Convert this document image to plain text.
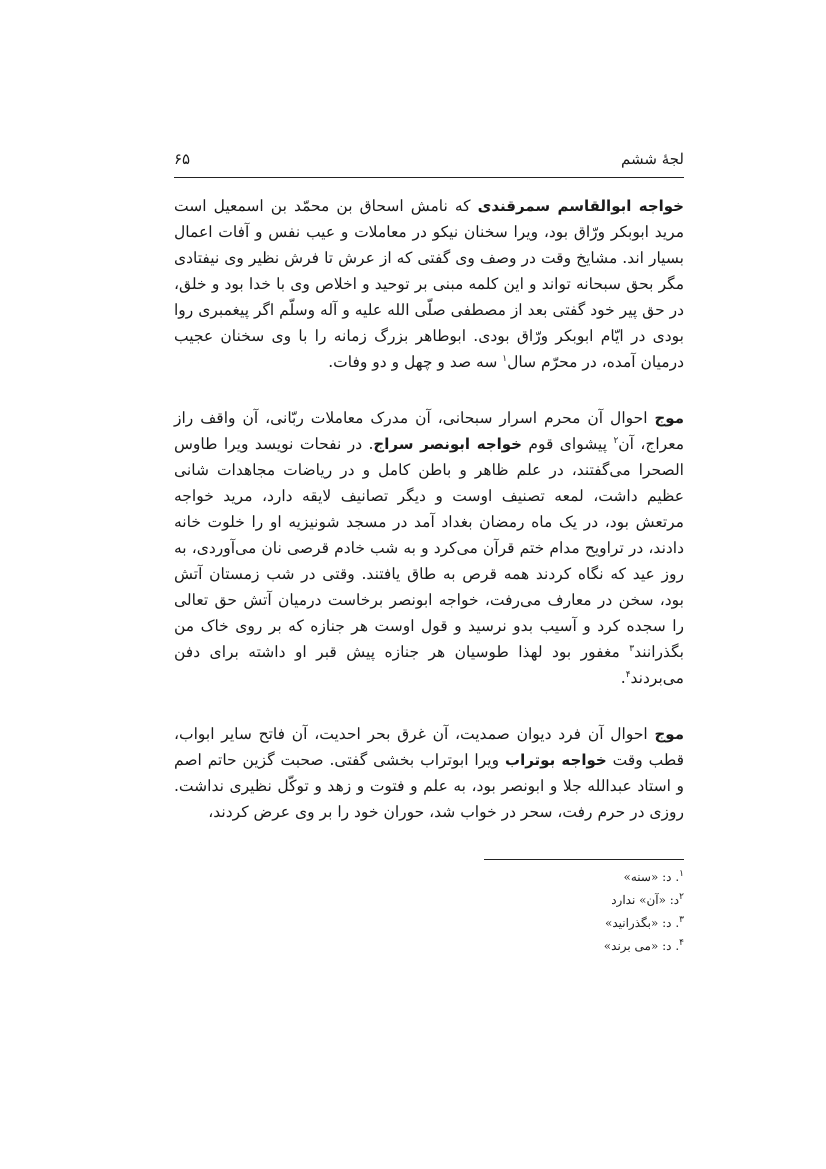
لجۀ ششم
۶۵

خواجه ابوالقاسم سمرقندی که نامش اسحاق بن محمّد بن اسمعیل است مرید ابوبکر ورّاق بود، ویرا سخنان نیکو در معاملات و عیب نفس و آفات اعمال بسیار اند. مشایخ وقت در وصف وی گفتی که از عرش تا فرش نظیر وی نیفتادی مگر بحق سبحانه تواند و این کلمه مبنی بر توحید و اخلاص وی با خدا بود و خلق، در حق پیر خود گفتی بعد از مصطفی صلّی الله علیه و آله وسلّم اگر پیغمبری روا بودی در ایّام ابوبکر ورّاق بودی. ابوطاهر بزرگ زمانه را با وی سخنان عجیب درمیان آمده، در محرّم سال$^۱$ سه صد و چهل و دو وفات.

موج احوال آن محرم اسرار سبحانی، آن مدرک معاملات ربّانی، آن واقف راز معراج، آن$^۲$ پیشوای قوم خواجه ابونصر سراج. در نفحات نویسد ویرا طاوس الصحرا می‌گفتند، در علم ظاهر و باطن کامل و در ریاضات مجاهدات شانی عظیم داشت، لمعه تصنیف اوست و دیگر تصانیف لایقه دارد، مرید خواجه مرتعش بود، در یک ماه رمضان بغداد آمد در مسجد شونیزیه او را خلوت خانه دادند، در تراویح مدام ختم قرآن می‌کرد و به شب خادم قرصی نان می‌آوردی، به روز عید که نگاه کردند همه قرص به طاق یافتند. وقتی در شب زمستان آتش بود، سخن در معارف می‌رفت، خواجه ابونصر برخاست درمیان آتش حق تعالی را سجده کرد و آسیب بدو نرسید و قول اوست هر جنازه که بر روی خاک من بگذرانند$^۳$ مغفور بود لهذا طوسیان هر جنازه پیش قبر او داشته برای دفن می‌بردند$^۴$.

موج احوال آن فرد دیوان صمدیت، آن غرق بحر احدیت، آن فاتح سایر ابواب، قطب وقت خواجه بوتراب ویرا ابوتراب بخشی گفتی. صحبت گزین حاتم اصم و استاد عبدالله جلا و ابونصر بود، به علم و فتوت و زهد و توکّل نظیری نداشت. روزی در حرم رفت، سحر در خواب شد، حوران خود را بر وی عرض کردند،

$^۱$. د: «سنه»

$^۲$د: «آن» ندارد

$^۳$. د: «بگذرانید»

$^۴$. د: «می برند»
